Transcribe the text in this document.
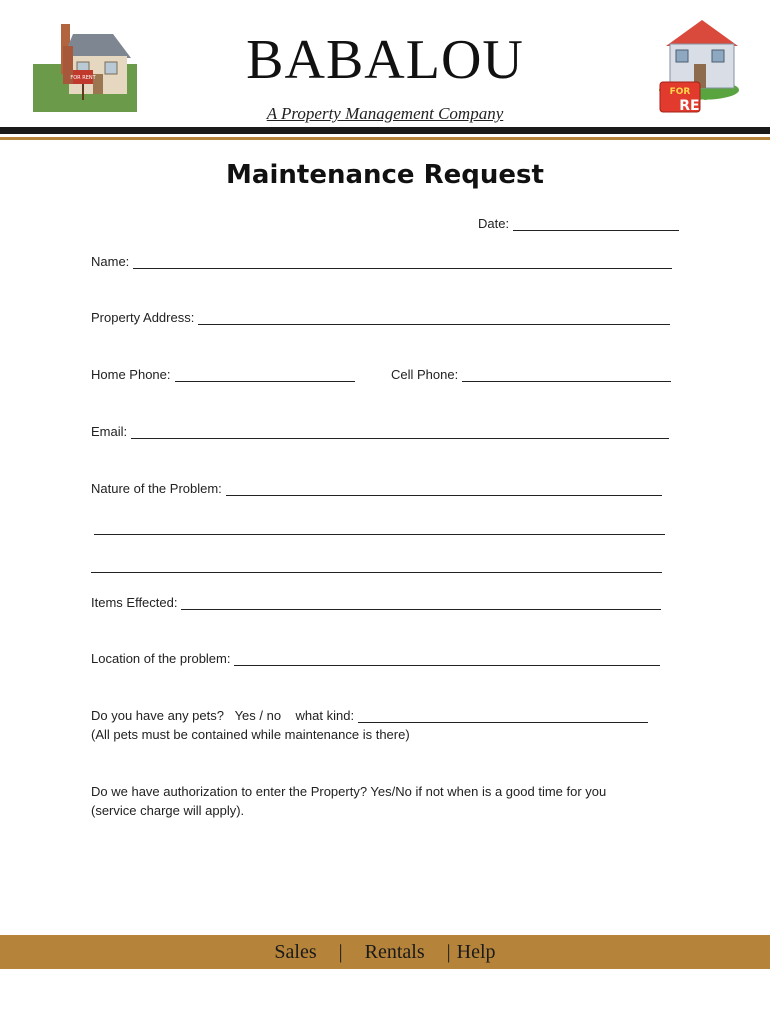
FOR RENT
FOR
RENT
BABALOU
A Property Management Company
Maintenance Request
Date:
Name:
Property Address:
Home Phone:	Cell Phone:
Email:
Nature of the Problem:
Items Effected:
Location of the problem:
Do you have any pets?   Yes / no    what kind:
(All pets must be contained while maintenance is there)
Do we have authorization to enter the Property? Yes/No if not when is a good time for you
(service charge will apply).
Sales | Rentals | Help
